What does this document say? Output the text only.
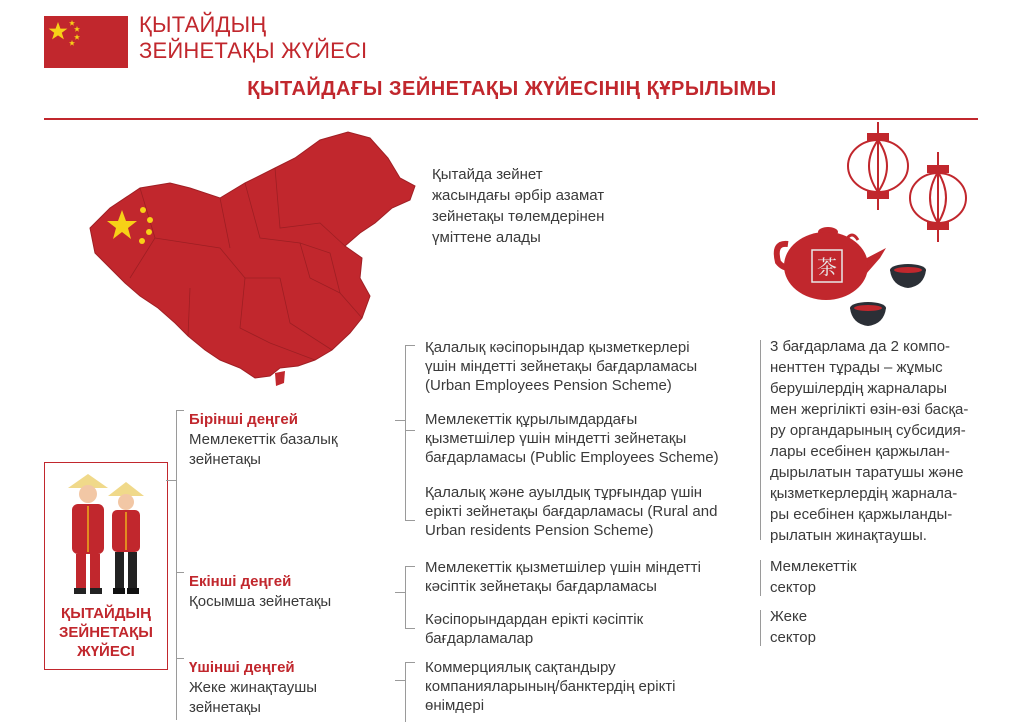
ҚЫТАЙДЫҢ
ЗЕЙНЕТАҚЫ ЖҮЙЕСІ
ҚЫТАЙДАҒЫ ЗЕЙНЕТАҚЫ ЖҮЙЕСІНІҢ ҚҰРЫЛЫМЫ
Қытайда зейнет
жасындағы әрбір азамат
зейнетақы төлемдерінен
үміттене алады
茶
ҚЫТАЙДЫҢ
ЗЕЙНЕТАҚЫ
ЖҮЙЕСІ
Бірінші деңгей
Мемлекеттік базалық
зейнетақы
Қалалық кәсіпорындар қызметкерлері
үшін міндетті зейнетақы бағдарламасы
(Urban Employees Pension Scheme)
Мемлекеттік құрылымдардағы
қызметшілер үшін міндетті зейнетақы
бағдарламасы (Public Employees Scheme)
Қалалық және ауылдық тұрғындар үшін
ерікті зейнетақы бағдарламасы (Rural and
Urban residents Pension Scheme)
3 бағдарлама да 2 компо-
ненттен тұрады – жұмыс
берушілердің жарналары
мен жергілікті өзін-өзі басқа-
ру органдарының субсидия-
лары есебінен қаржылан-
дырылатын таратушы және
қызметкерлердің жарнала-
ры есебінен қаржыланды-
рылатын жинақтаушы.
Екінші деңгей
Қосымша зейнетақы
Мемлекеттік қызметшілер үшін міндетті
кәсіптік зейнетақы бағдарламасы
Кәсіпорындардан ерікті кәсіптік
бағдарламалар
Мемлекеттік
сектор
Жеке
сектор
Үшінші деңгей
Жеке жинақтаушы
зейнетақы
Коммерциялық сақтандыру
компанияларының/банктердің ерікті
өнімдері
